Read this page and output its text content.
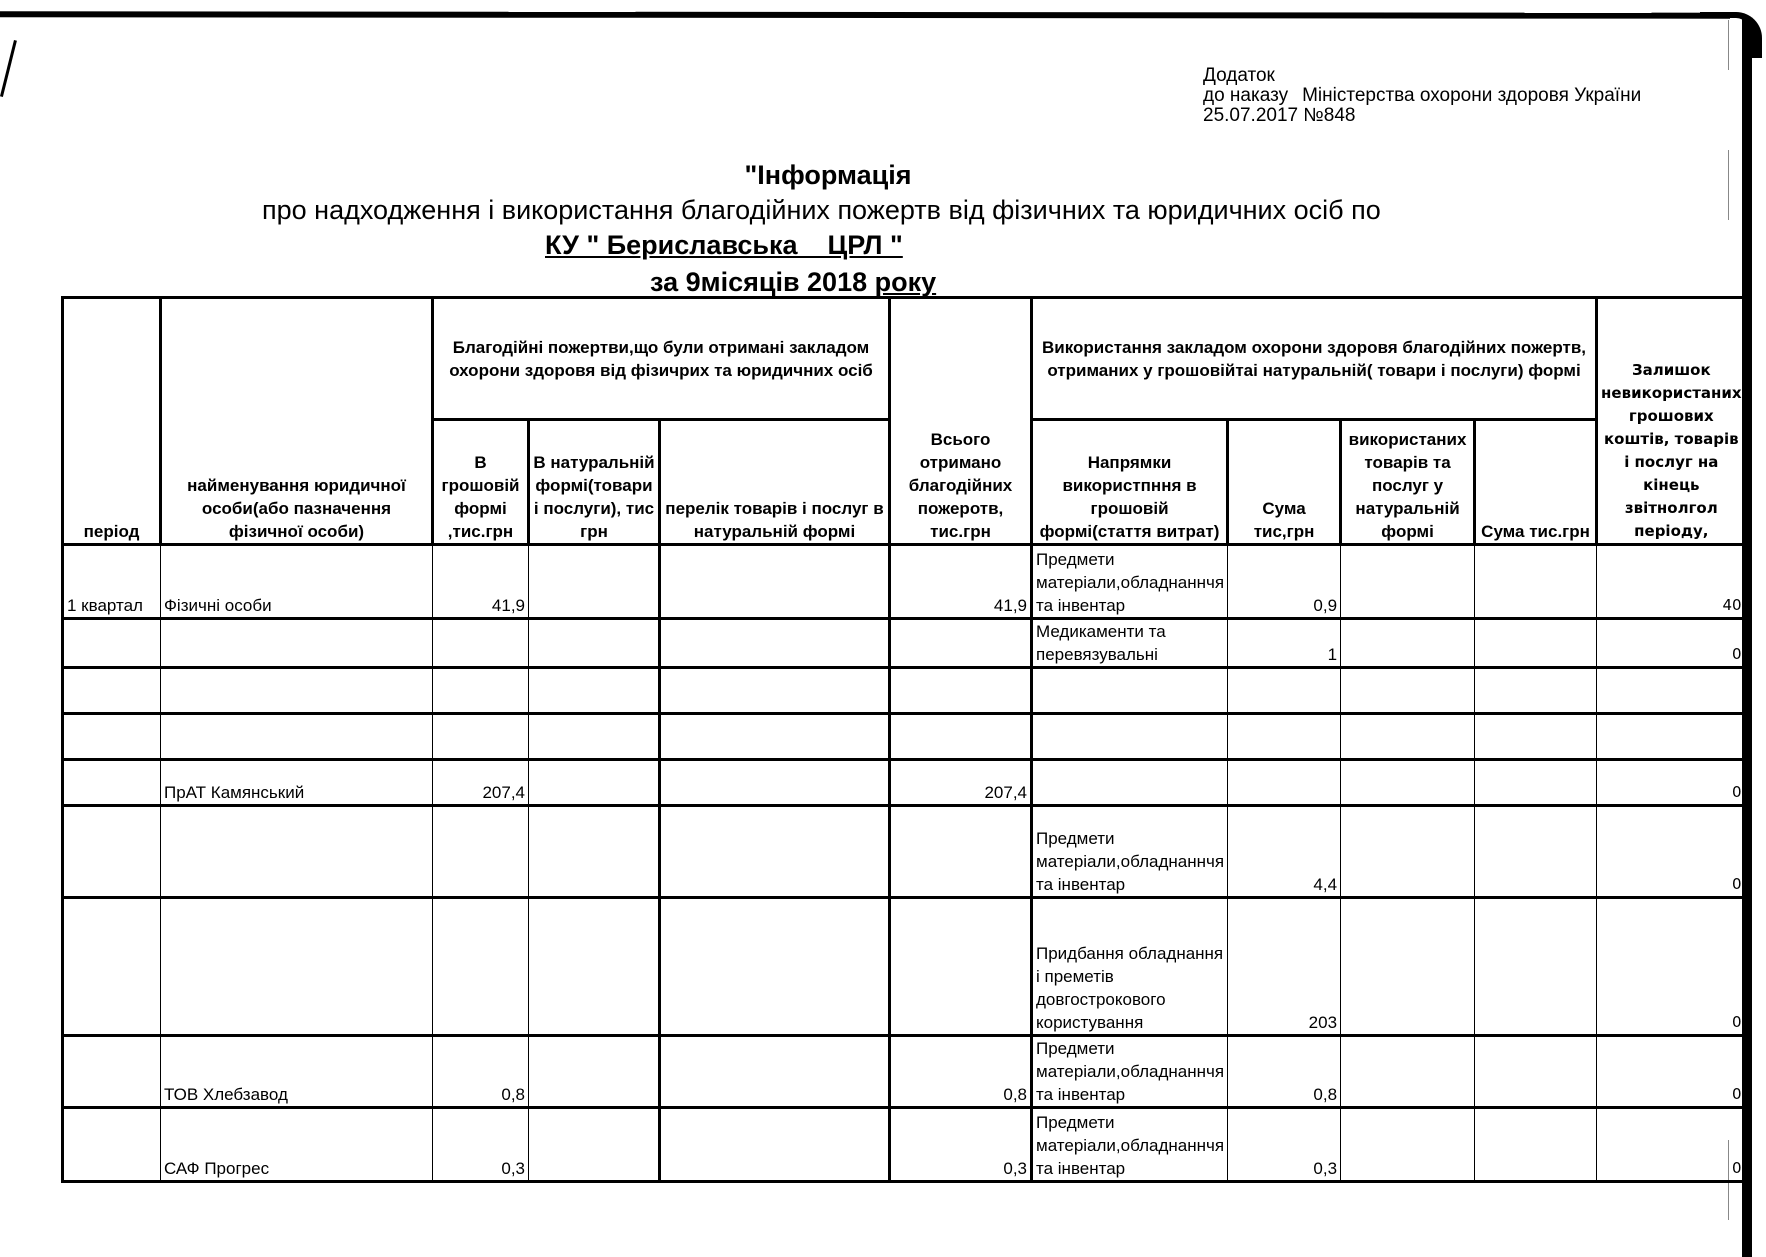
Додаток
до наказу Міністерства охорони здоровя України
25.07.2017 №848
"Інформація
про надходження і використання благодійних пожертв від фізичних та юридичних осіб по
КУ " Бериславська    ЦРЛ "
за 9місяців 2018 року
період	найменування юридичної особи(або пазначення фізичної особи)	Благодійні пожертви,що були отримані закладом охорони здоровя від фізичрих та юридичних осіб			Всього отримано благодійних пожеротв, тис.грн	Використання закладом охорони здоровя благодійних пожертв, отриманих у грошовійтаі натуральній( товари і послуги) формі				Залишок невикористаних грошових коштів, товарів і послуг на кінець звітнолгол періоду,
		В грошовій формі ,тис.грн	В натуральній формі(товари і послуги), тис грн	перелік товарів і послуг в натуральній формі		Напрямки використпння в грошовій формі(стаття витрат)	Сума тис,грн	використаних товарів та послуг у натуральній формі	Сума тис.грн	
1 квартал	Фізичні особи	41,9			41,9	Предмети матеріали,обладнаннчя та інвентар	0,9			40
						Медикаменти та перевязувальні	1			0

	ПрАТ Камянський	207,4			207,4					0
						Предмети матеріали,обладнаннчя та інвентар	4,4			0
						Придбання обладнання і преметів довгострокового користування	203			0
	ТОВ Хлебзавод	0,8			0,8	Предмети матеріали,обладнаннчя та інвентар	0,8			0
	САФ Прогрес	0,3			0,3	Предмети матеріали,обладнаннчя та інвентар	0,3			0
